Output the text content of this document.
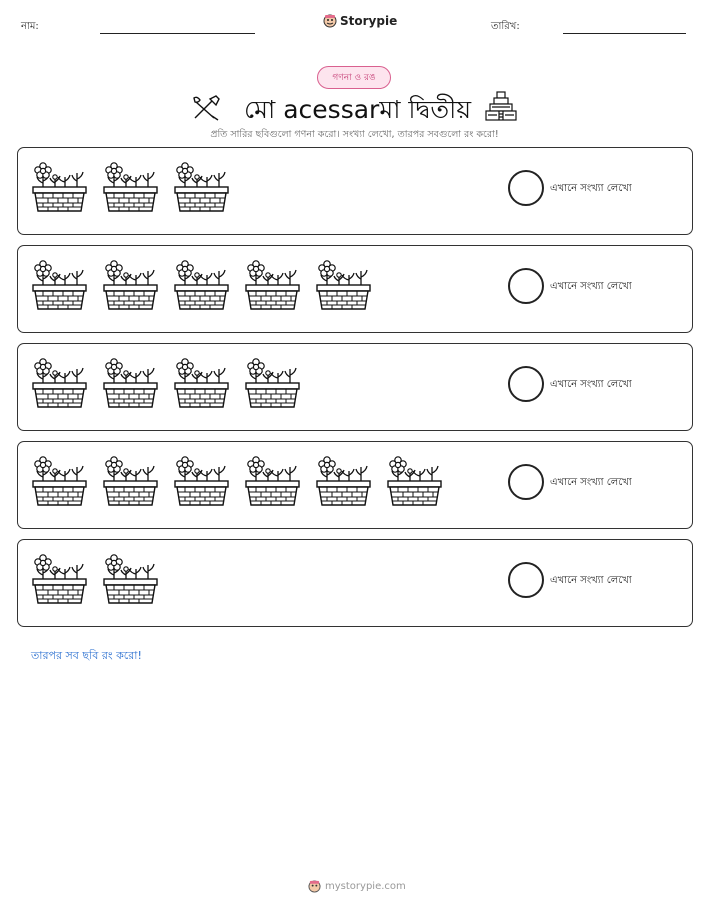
নাম:	Storypie	তারিখ:
গণনা ও রঙ
মো acessarমা দ্বিতীয়
প্রতি সারির ছবিগুলো গণনা করো। সংখ্যা লেখো, তারপর সবগুলো রং করো!
এখানে সংখ্যা লেখো
এখানে সংখ্যা লেখো
এখানে সংখ্যা লেখো
এখানে সংখ্যা লেখো
এখানে সংখ্যা লেখো
তারপর সব ছবি রং করো!
mystorypie.com
